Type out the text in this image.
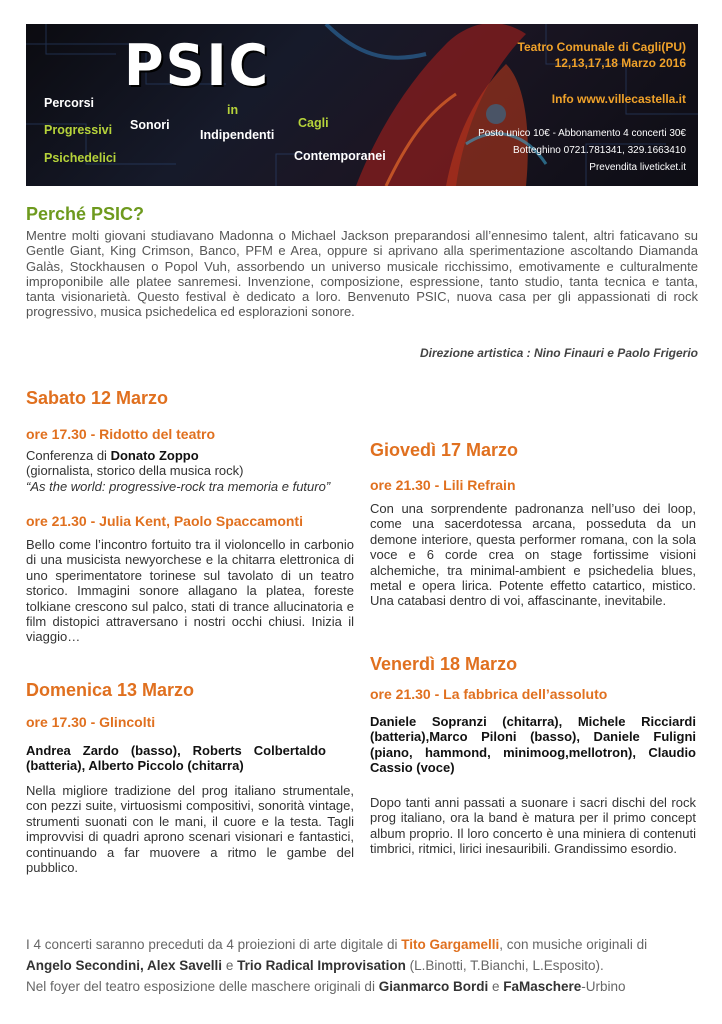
PSIC
Percorsi
Progressivi
Psichedelici
Sonori
in
Indipendenti
Cagli
Contemporanei
Teatro Comunale di Cagli(PU)
12,13,17,18 Marzo 2016
Info www.villecastella.it
Posto unico 10€ - Abbonamento 4 concerti 30€
Botteghino 0721.781341, 329.1663410
Prevendita liveticket.it
Perché PSIC?
Mentre molti giovani studiavano Madonna o Michael Jackson preparandosi all’ennesimo talent, altri faticavano su Gentle Giant, King Crimson, Banco, PFM e Area, oppure si aprivano alla sperimentazione ascoltando Diamanda Galàs, Stockhausen o Popol Vuh, assorbendo un universo musicale ricchissimo, emotivamente e culturalmente improponibile alle platee sanremesi. Invenzione, composizione, espressione, tanto studio, tanta tecnica e tanta, tanta visionarietà. Questo festival è dedicato a loro. Benvenuto PSIC, nuova casa per gli appassionati di rock progressivo, musica psichedelica ed esplorazioni sonore.
Direzione artistica : Nino Finauri e Paolo Frigerio
Sabato 12 Marzo
ore 17.30 - Ridotto del teatro
Conferenza di Donato Zoppo
(giornalista, storico della musica rock)
“As the world: progressive-rock tra memoria e futuro”
ore 21.30 - Julia Kent, Paolo Spaccamonti
Bello come l’incontro fortuito tra il violoncello in carbonio di una musicista newyorchese e la chitarra elettronica di uno sperimentatore torinese sul tavolato di un teatro storico. Immagini sonore allagano la platea, foreste tolkiane crescono sul palco, stati di trance allucinatoria e film distopici attraversano i nostri occhi chiusi. Inizia il viaggio…
Domenica 13 Marzo
ore 17.30 - Glincolti
Andrea Zardo (basso), Roberts Colbertaldo (batteria), Alberto Piccolo (chitarra)
Nella migliore tradizione del prog italiano strumentale, con pezzi suite, virtuosismi compositivi, sonorità vintage, strumenti suonati con le mani, il cuore e la testa. Tagli improvvisi di quadri aprono scenari visionari e fantastici, continuando a far muovere a ritmo le gambe del pubblico.
Giovedì 17 Marzo
ore 21.30 - Lili Refrain
Con una sorprendente padronanza nell’uso dei loop, come una sacerdotessa arcana, posseduta da un demone interiore, questa performer romana, con la sola voce e 6 corde crea on stage fortissime visioni alchemiche, tra minimal-ambient e psichedelia blues, metal e opera lirica. Potente effetto catartico, mistico. Una catabasi dentro di voi, affascinante, inevitabile.
Venerdì 18 Marzo
ore 21.30 - La fabbrica dell’assoluto
Daniele Sopranzi (chitarra), Michele Ricciardi (batteria),Marco Piloni (basso), Daniele Fuligni (piano, hammond, minimoog,mellotron), Claudio Cassio (voce)
Dopo tanti anni passati a suonare i sacri dischi del rock prog italiano, ora la band è matura per il primo concept album proprio. Il loro concerto è una miniera di contenuti timbrici, ritmici, lirici inesauribili. Grandissimo esordio.
I 4 concerti saranno preceduti da 4 proiezioni di arte digitale di Tito Gargamelli, con musiche originali di
Angelo Secondini, Alex Savelli e Trio Radical Improvisation (L.Binotti, T.Bianchi, L.Esposito).
Nel foyer del teatro esposizione delle maschere originali di Gianmarco Bordi e FaMaschere-Urbino
